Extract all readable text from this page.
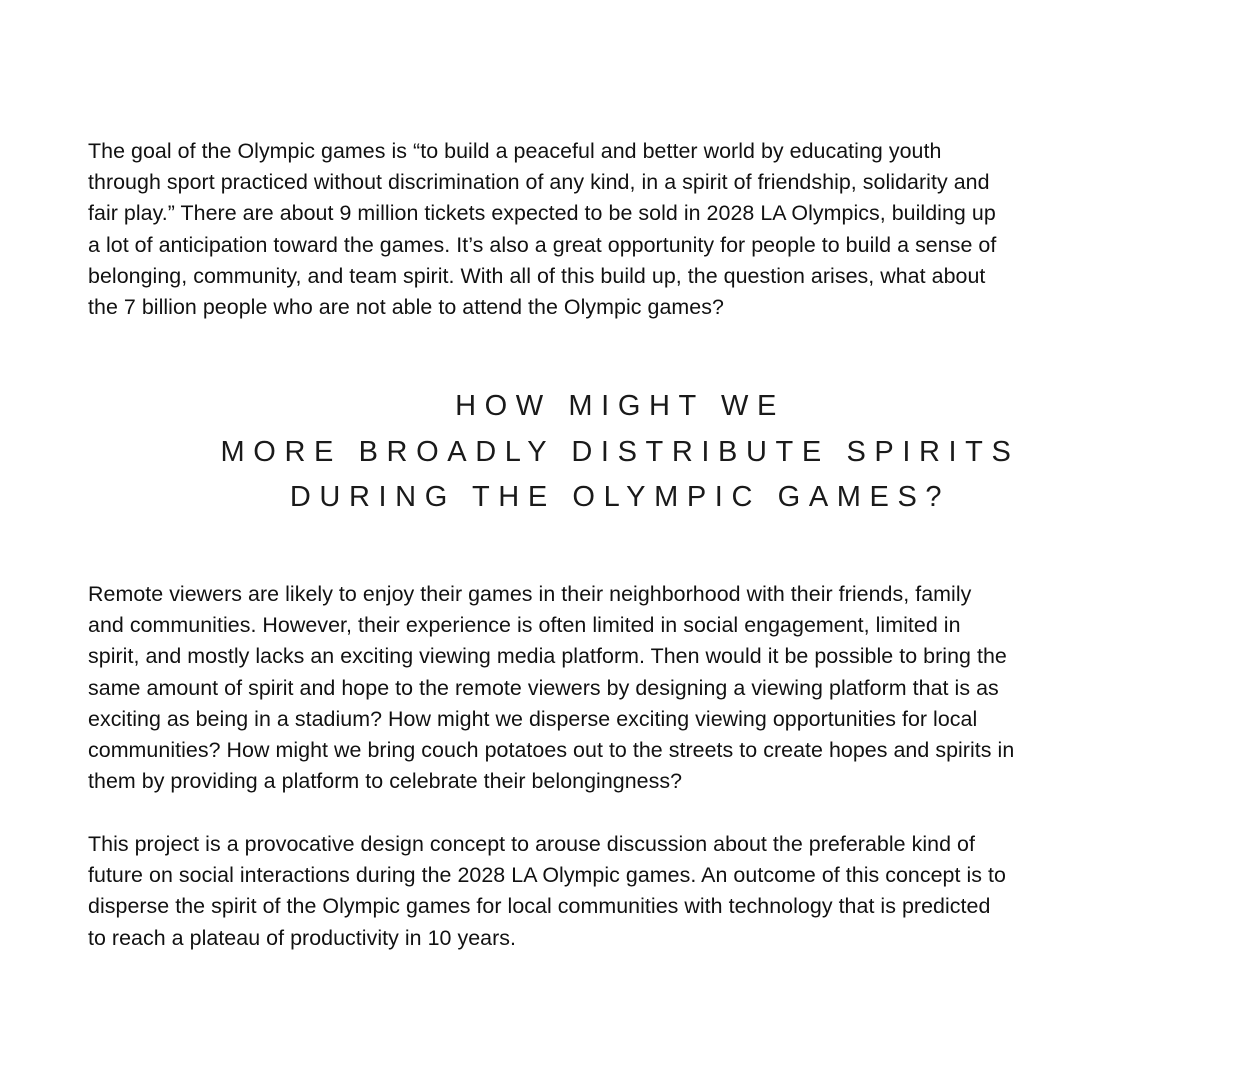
The goal of the Olympic games is “to build a peaceful and better world by educating youth
through sport practiced without discrimination of any kind, in a spirit of friendship, solidarity and
fair play.” There are about 9 million tickets expected to be sold in 2028 LA Olympics, building up
a lot of anticipation toward the games. It’s also a great opportunity for people to build a sense of
belonging, community, and team spirit. With all of this build up, the question arises, what about
the 7 billion people who are not able to attend the Olympic games?

HOW MIGHT WE
MORE BROADLY DISTRIBUTE SPIRITS
DURING THE OLYMPIC GAMES?

Remote viewers are likely to enjoy their games in their neighborhood with their friends, family
and communities. However, their experience is often limited in social engagement, limited in
spirit, and mostly lacks an exciting viewing media platform. Then would it be possible to bring the
same amount of spirit and hope to the remote viewers by designing a viewing platform that is as
exciting as being in a stadium? How might we disperse exciting viewing opportunities for local
communities? How might we bring couch potatoes out to the streets to create hopes and spirits in
them by providing a platform to celebrate their belongingness?

This project is a provocative design concept to arouse discussion about the preferable kind of
future on social interactions during the 2028 LA Olympic games. An outcome of this concept is to
disperse the spirit of the Olympic games for local communities with technology that is predicted
to reach a plateau of productivity in 10 years.
